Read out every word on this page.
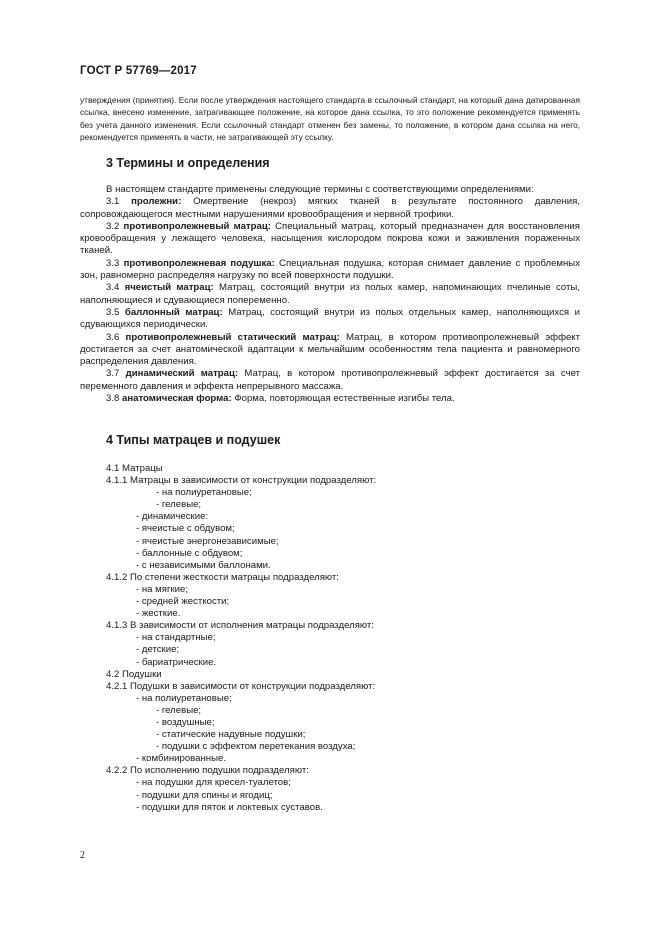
ГОСТ Р 57769—2017
утверждения (принятия). Если после утверждения настоящего стандарта в ссылочный стандарт, на который дана датированная ссылка, внесено изменение, затрагивающее положение, на которое дана ссылка, то это положение рекомендуется применять без учета данного изменения. Если ссылочный стандарт отменен без замены, то положение, в котором дана ссылка на него, рекомендуется применять в части, не затрагивающей эту ссылку.
3 Термины и определения

В настоящем стандарте применены следующие термины с соответствующими определениями:

3.1 пролежни: Омертвение (некроз) мягких тканей в результате постоянного давления, сопровождающегося местными нарушениями кровообращения и нервной трофики.

3.2 противопролежневый матрац: Специальный матрац, который предназначен для восстановления кровообращения у лежащего человека, насыщения кислородом покрова кожи и заживления пораженных тканей.

3.3 противопролежневая подушка: Специальная подушка, которая снимает давление с проблемных зон, равномерно распределяя нагрузку по всей поверхности подушки.

3.4 ячеистый матрац: Матрац, состоящий внутри из полых камер, напоминающих пчелиные соты, наполняющиеся и сдувающиеся попеременно.

3.5 баллонный матрац: Матрац, состоящий внутри из полых отдельных камер, наполняющихся и сдувающихся периодически.

3.6 противопролежневый статический матрац: Матрац, в котором противопролежневый эффект достигается за счет анатомической адаптации к мельчайшим особенностям тела пациента и равномерного распределения давления.

3.7 динамический матрац: Матрац, в котором противопролежневый эффект достигается за счет переменного давления и эффекта непрерывного массажа.

3.8 анатомическая форма: Форма, повторяющая естественные изгибы тела.

4 Типы матрацев и подушек
4.1 Матрацы
4.1.1 Матрацы в зависимости от конструкции подразделяют:
- на полиуретановые;
- гелевые;
- динамические:
- ячеистые с обдувом;
- ячеистые энергонезависимые;
- баллонные с обдувом;
- с независимыми баллонами.
4.1.2 По степени жесткости матрацы подразделяют:
- на мягкие;
- средней жесткости;
- жесткие.
4.1.3 В зависимости от исполнения матрацы подразделяют:
- на стандартные;
- детские;
- бариатрические.
4.2 Подушки
4.2.1 Подушки в зависимости от конструкции подразделяют:
- на полиуретановые;
- гелевые;
- воздушные;
- статические надувные подушки;
- подушки с эффектом перетекания воздуха;
- комбинированные.
4.2.2 По исполнению подушки подразделяют:
- на подушки для кресел-туалетов;
- подушки для спины и ягодиц;
- подушки для пяток и локтевых суставов.
2
